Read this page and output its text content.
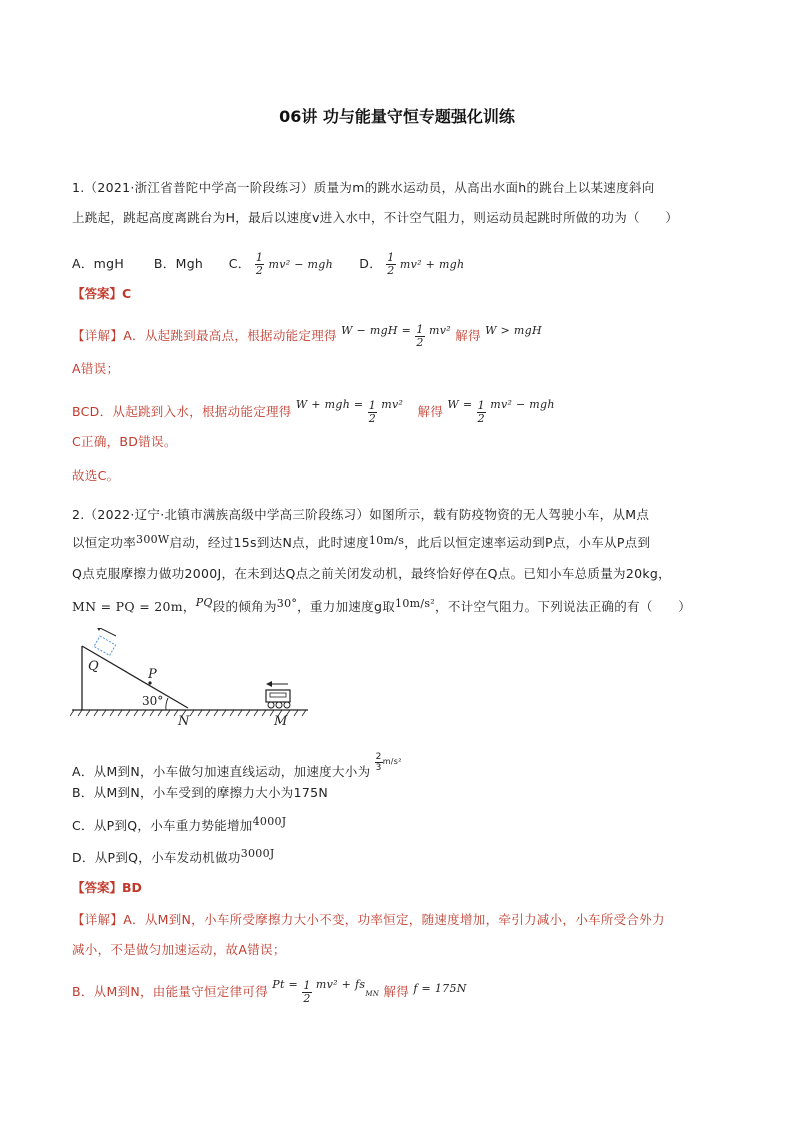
06讲 功与能量守恒专题强化训练
1.（2021·浙江省普陀中学高一阶段练习）质量为m的跳水运动员，从高出水面h的跳台上以某速度斜向
上跳起，跳起高度离跳台为H，最后以速度v进入水中，不计空气阻力，则运动员起跳时所做的功为（　　）
A．mgH　　 B．Mgh　　C． $\frac{1}{2} mv^2$ − mgh D． $\frac{1}{2} mv^2$ + mgh
【答案】C
【详解】A．从起跳到最高点，根据动能定理得 W − mgH = $\frac{1}{2} mv^2$ 解得 W > mgH
A错误；
BCD．从起跳到入水，根据动能定理得 W + mgh = $\frac{1}{2} mv^2$ 解得 $W = \frac{1}{2} mv^2$ − mgh
C正确，BD错误。
故选C。
2.（2022·辽宁·北镇市满族高级中学高三阶段练习）如图所示，载有防疫物资的无人驾驶小车，从M点
以恒定功率300W启动，经过15s到达N点，此时速度10m/s，此后以恒定速率运动到P点，小车从P点到
Q点克服摩擦力做功2000J，在未到达Q点之前关闭发动机，最终恰好停在Q点。已知小车总质量为20kg，
MN = PQ = 20m，PQ段的倾角为30°，重力加速度g取10m/s²，不计空气阻力。下列说法正确的有（　　）
Q
P
30°
N	M
A．从M到N，小车做匀加速直线运动，加速度大小为 $\frac{2}{3} ^{m/s^2}$
B．从M到N，小车受到的摩擦力大小为175N
C．从P到Q，小车重力势能增加4000J
D．从P到Q，小车发动机做功3000J
【答案】BD
【详解】A．从M到N，小车所受摩擦力大小不变，功率恒定，随速度增加，牵引力减小，小车所受合外力
减小，不是做匀加速运动，故A错误；
B．从M到N，由能量守恒定律可得 $Pt = \frac{1}{2} mv^2$ + fsMN 解得 f = 175N
